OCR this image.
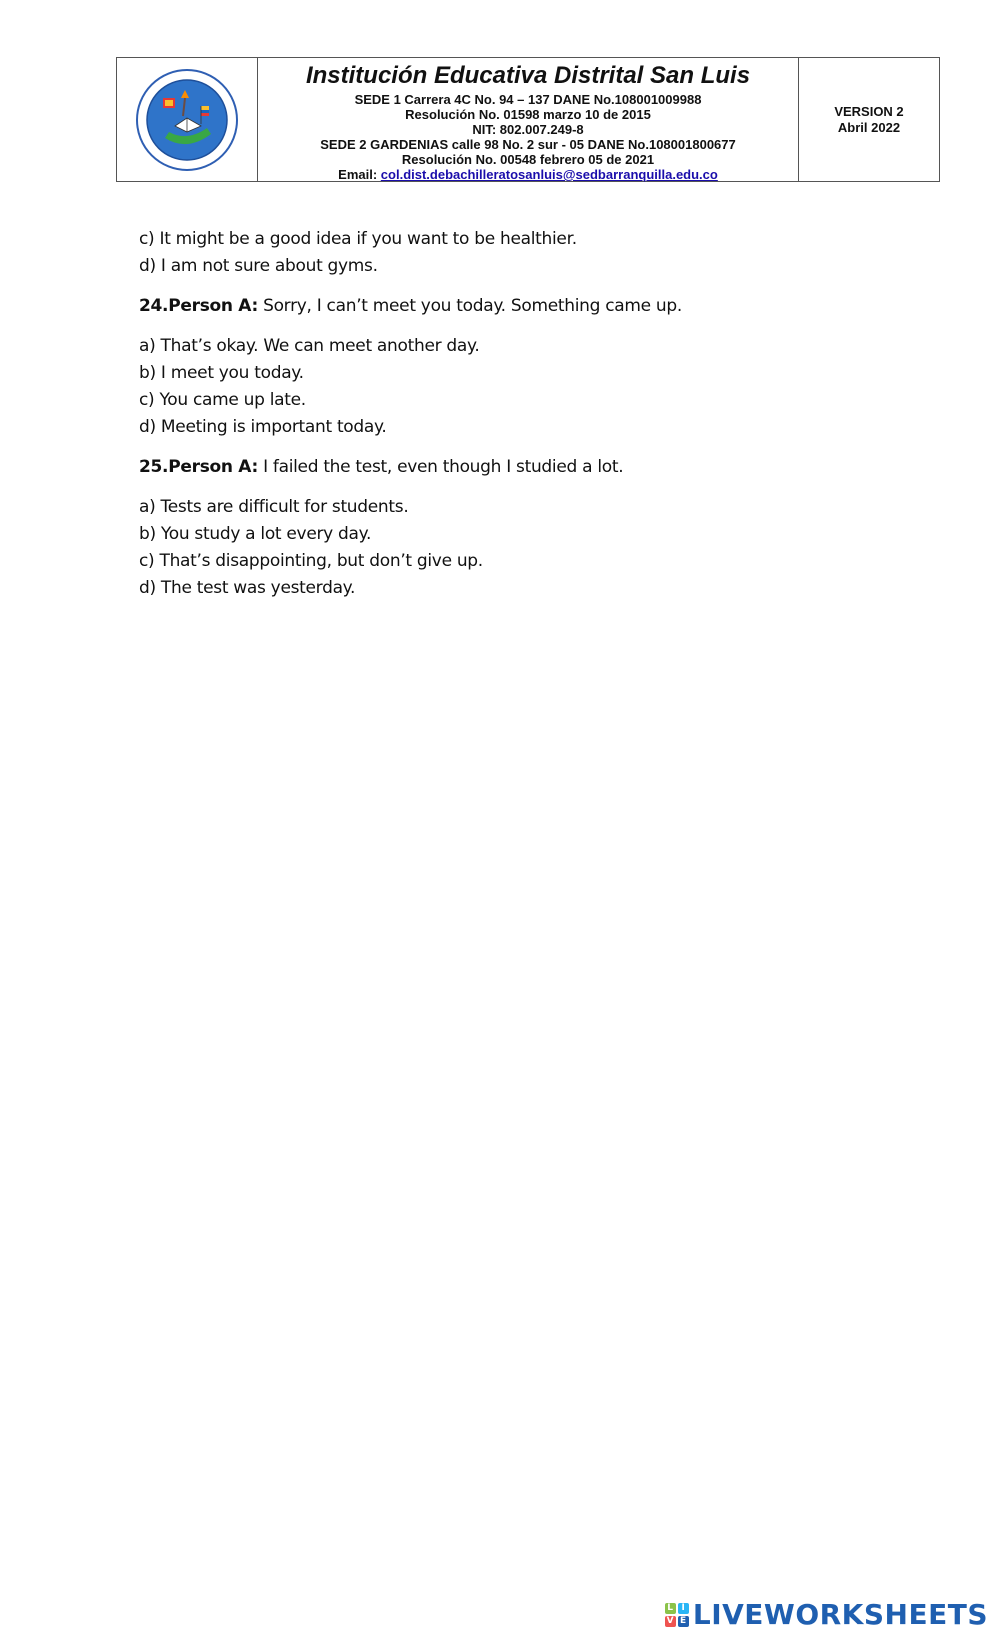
Institución Educativa Distrital San Luis
SEDE 1 Carrera 4C No. 94 – 137 DANE No.108001009988
Resolución No. 01598 marzo 10 de 2015
NIT: 802.007.249-8
SEDE 2 GARDENIAS calle 98 No. 2 sur - 05 DANE No.108001800677
Resolución No. 00548 febrero 05 de 2021
Email: col.dist.debachilleratosanluis@sedbarranquilla.edu.co
VERSION 2
Abril 2022
c) It might be a good idea if you want to be healthier.
d) I am not sure about gyms.
24.Person A: Sorry, I can’t meet you today. Something came up.
a) That’s okay. We can meet another day.
b) I meet you today.
c) You came up late.
d) Meeting is important today.
25.Person A: I failed the test, even though I studied a lot.
a) Tests are difficult for students.
b) You study a lot every day.
c) That’s disappointing, but don’t give up.
d) The test was yesterday.
L I
V E LIVEWORKSHEETS
